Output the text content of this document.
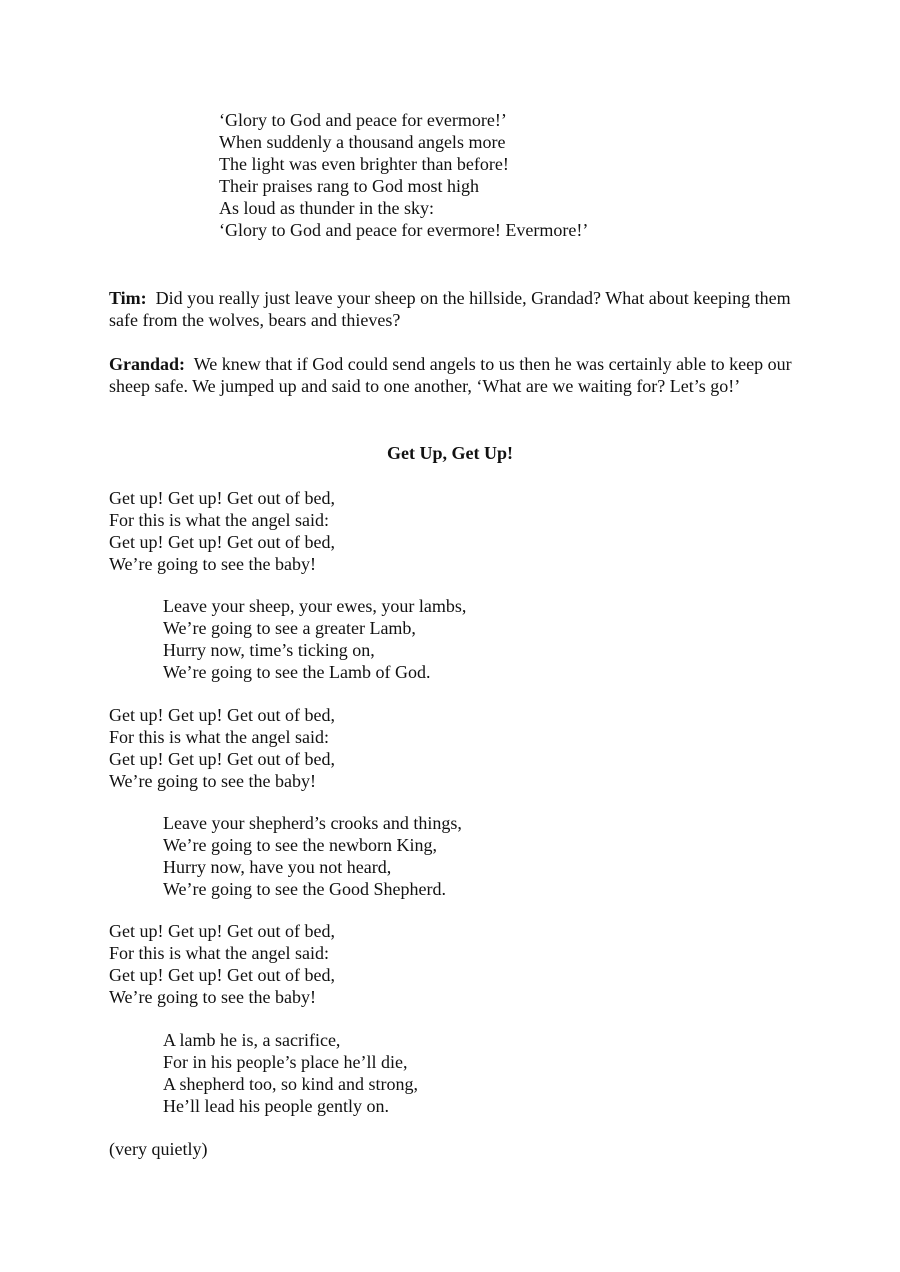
‘Glory to God and peace for evermore!’
When suddenly a thousand angels more
The light was even brighter than before!
Their praises rang to God most high
As loud as thunder in the sky:
‘Glory to God and peace for evermore! Evermore!’
Tim: Did you really just leave your sheep on the hillside, Grandad? What about keeping them safe from the wolves, bears and thieves?
Grandad: We knew that if God could send angels to us then he was certainly able to keep our sheep safe. We jumped up and said to one another, ‘What are we waiting for? Let’s go!’
Get Up, Get Up!
Get up! Get up! Get out of bed,
For this is what the angel said:
Get up! Get up! Get out of bed,
We’re going to see the baby!
Leave your sheep, your ewes, your lambs,
We’re going to see a greater Lamb,
Hurry now, time’s ticking on,
We’re going to see the Lamb of God.
Get up! Get up! Get out of bed,
For this is what the angel said:
Get up! Get up! Get out of bed,
We’re going to see the baby!
Leave your shepherd’s crooks and things,
We’re going to see the newborn King,
Hurry now, have you not heard,
We’re going to see the Good Shepherd.
Get up! Get up! Get out of bed,
For this is what the angel said:
Get up! Get up! Get out of bed,
We’re going to see the baby!
A lamb he is, a sacrifice,
For in his people’s place he’ll die,
A shepherd too, so kind and strong,
He’ll lead his people gently on.
(very quietly)
